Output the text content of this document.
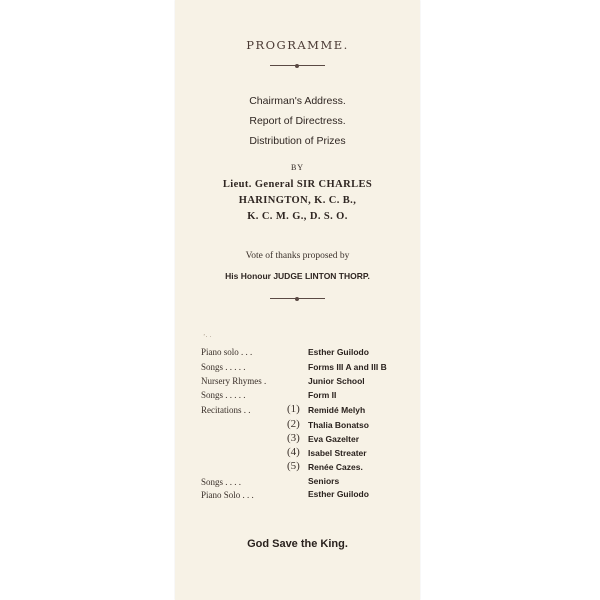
PROGRAMME.
Chairman's Address.
Report of Directress.
Distribution of Prizes
BY
Lieut. General SIR CHARLES
HARINGTON, K. C. B.,
K. C. M. G., D. S. O.
Vote of thanks proposed by
His Honour JUDGE LINTON THORP.
ʼ‧ ·
Piano solo . . .	Esther Guilodo
Songs . . . . .	Forms III A and III B
Nursery Rhymes .	Junior School
Songs . . . . .	Form II
Recitations . .	(1) Remidé Melyh
(2) Thalia Bonatso
(3) Eva Gazelter
(4) Isabel Streater
(5) Renée Cazes.
Songs . . . .	Seniors
Piano Solo . . .	Esther Guilodo
God Save the King.
